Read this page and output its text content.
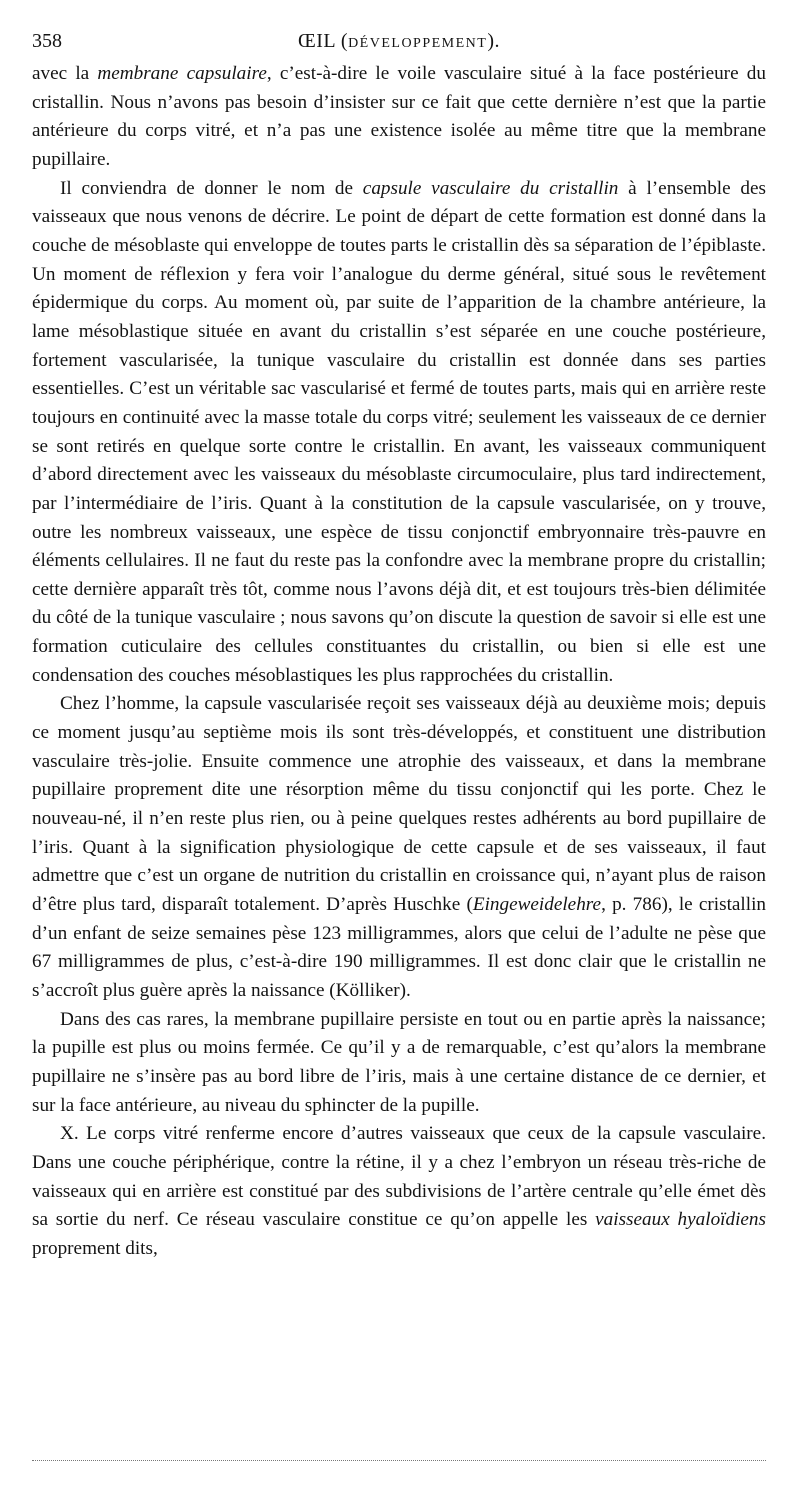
358	ŒIL (DÉVELOPPEMENT).

avec la membrane capsulaire, c’est-à-dire le voile vasculaire situé à la face postérieure du cristallin. Nous n’avons pas besoin d’insister sur ce fait que cette dernière n’est que la partie antérieure du corps vitré, et n’a pas une existence isolée au même titre que la membrane pupillaire.

Il conviendra de donner le nom de capsule vasculaire du cristallin à l’ensemble des vaisseaux que nous venons de décrire. Le point de départ de cette formation est donné dans la couche de mésoblaste qui enveloppe de toutes parts le cristallin dès sa séparation de l’épiblaste. Un moment de réflexion y fera voir l’analogue du derme général, situé sous le revêtement épidermique du corps. Au moment où, par suite de l’apparition de la chambre antérieure, la lame mésoblastique située en avant du cristallin s’est séparée en une couche postérieure, fortement vascularisée, la tunique vasculaire du cristallin est donnée dans ses parties essentielles. C’est un véritable sac vascularisé et fermé de toutes parts, mais qui en arrière reste toujours en continuité avec la masse totale du corps vitré; seulement les vaisseaux de ce dernier se sont retirés en quelque sorte contre le cristallin. En avant, les vaisseaux communiquent d’abord directement avec les vaisseaux du mésoblaste circumoculaire, plus tard indirectement, par l’intermédiaire de l’iris. Quant à la constitution de la capsule vascularisée, on y trouve, outre les nombreux vaisseaux, une espèce de tissu conjonctif embryonnaire très-pauvre en éléments cellulaires. Il ne faut du reste pas la confondre avec la membrane propre du cristallin; cette dernière apparaît très tôt, comme nous l’avons déjà dit, et est toujours très-bien délimitée du côté de la tunique vasculaire ; nous savons qu’on discute la question de savoir si elle est une formation cuticulaire des cellules constituantes du cristallin, ou bien si elle est une condensation des couches mésoblastiques les plus rapprochées du cristallin.

Chez l’homme, la capsule vascularisée reçoit ses vaisseaux déjà au deuxième mois; depuis ce moment jusqu’au septième mois ils sont très-développés, et constituent une distribution vasculaire très-jolie. Ensuite commence une atrophie des vaisseaux, et dans la membrane pupillaire proprement dite une résorption même du tissu conjonctif qui les porte. Chez le nouveau-né, il n’en reste plus rien, ou à peine quelques restes adhérents au bord pupillaire de l’iris. Quant à la signification physiologique de cette capsule et de ses vaisseaux, il faut admettre que c’est un organe de nutrition du cristallin en croissance qui, n’ayant plus de raison d’être plus tard, disparaît totalement. D’après Huschke (Eingeweidelehre, p. 786), le cristallin d’un enfant de seize semaines pèse 123 milligrammes, alors que celui de l’adulte ne pèse que 67 milligrammes de plus, c’est-à-dire 190 milligrammes. Il est donc clair que le cristallin ne s’accroît plus guère après la naissance (Kölliker).

Dans des cas rares, la membrane pupillaire persiste en tout ou en partie après la naissance; la pupille est plus ou moins fermée. Ce qu’il y a de remarquable, c’est qu’alors la membrane pupillaire ne s’insère pas au bord libre de l’iris, mais à une certaine distance de ce dernier, et sur la face antérieure, au niveau du sphincter de la pupille.

X. Le corps vitré renferme encore d’autres vaisseaux que ceux de la capsule vasculaire. Dans une couche périphérique, contre la rétine, il y a chez l’embryon un réseau très-riche de vaisseaux qui en arrière est constitué par des subdivisions de l’artère centrale qu’elle émet dès sa sortie du nerf. Ce réseau vasculaire constitue ce qu’on appelle les vaisseaux hyaloïdiens proprement dits,
